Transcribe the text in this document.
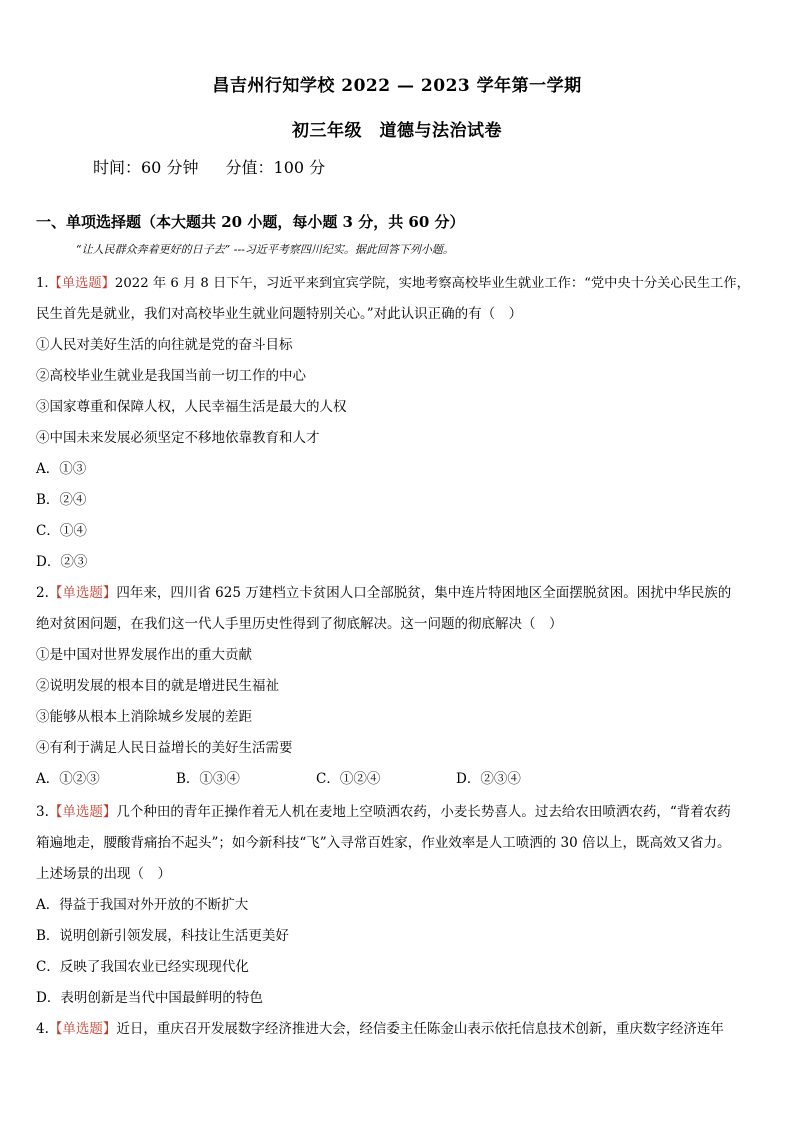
昌吉州行知学校 2022 — 2023 学年第一学期
初三年级　道德与法治试卷
时间：60 分钟 分值：100 分
一、单项选择题（本大题共 20 小题，每小题 3 分，共 60 分）
“让人民群众奔着更好的日子去” ---习近平考察四川纪实。据此回答下列小题。
1.【单选题】2022 年 6 月 8 日下午，习近平来到宜宾学院，实地考察高校毕业生就业工作：“党中央十分关心民生工作，
民生首先是就业，我们对高校毕业生就业问题特别关心。”对此认识正确的有（　）
①人民对美好生活的向往就是党的奋斗目标
②高校毕业生就业是我国当前一切工作的中心
③国家尊重和保障人权，人民幸福生活是最大的人权
④中国未来发展必须坚定不移地依靠教育和人才
A．①③
B．②④
C．①④
D．②③
2.【单选题】四年来，四川省 625 万建档立卡贫困人口全部脱贫，集中连片特困地区全面摆脱贫困。困扰中华民族的
绝对贫困问题，在我们这一代人手里历史性得到了彻底解决。这一问题的彻底解决（　）
①是中国对世界发展作出的重大贡献
②说明发展的根本目的就是增进民生福祉
③能够从根本上消除城乡发展的差距
④有利于满足人民日益增长的美好生活需要
A．①②③	B．①③④	C．①②④	D．②③④
3.【单选题】几个种田的青年正操作着无人机在麦地上空喷洒农药，小麦长势喜人。过去给农田喷洒农药，“背着农药
箱遍地走，腰酸背痛抬不起头”；如今新科技“飞”入寻常百姓家，作业效率是人工喷洒的 30 倍以上，既高效又省力。
上述场景的出现（　）
A．得益于我国对外开放的不断扩大
B．说明创新引领发展，科技让生活更美好
C．反映了我国农业已经实现现代化
D．表明创新是当代中国最鲜明的特色
4.【单选题】近日，重庆召开发展数字经济推进大会，经信委主任陈金山表示依托信息技术创新，重庆数字经济连年
